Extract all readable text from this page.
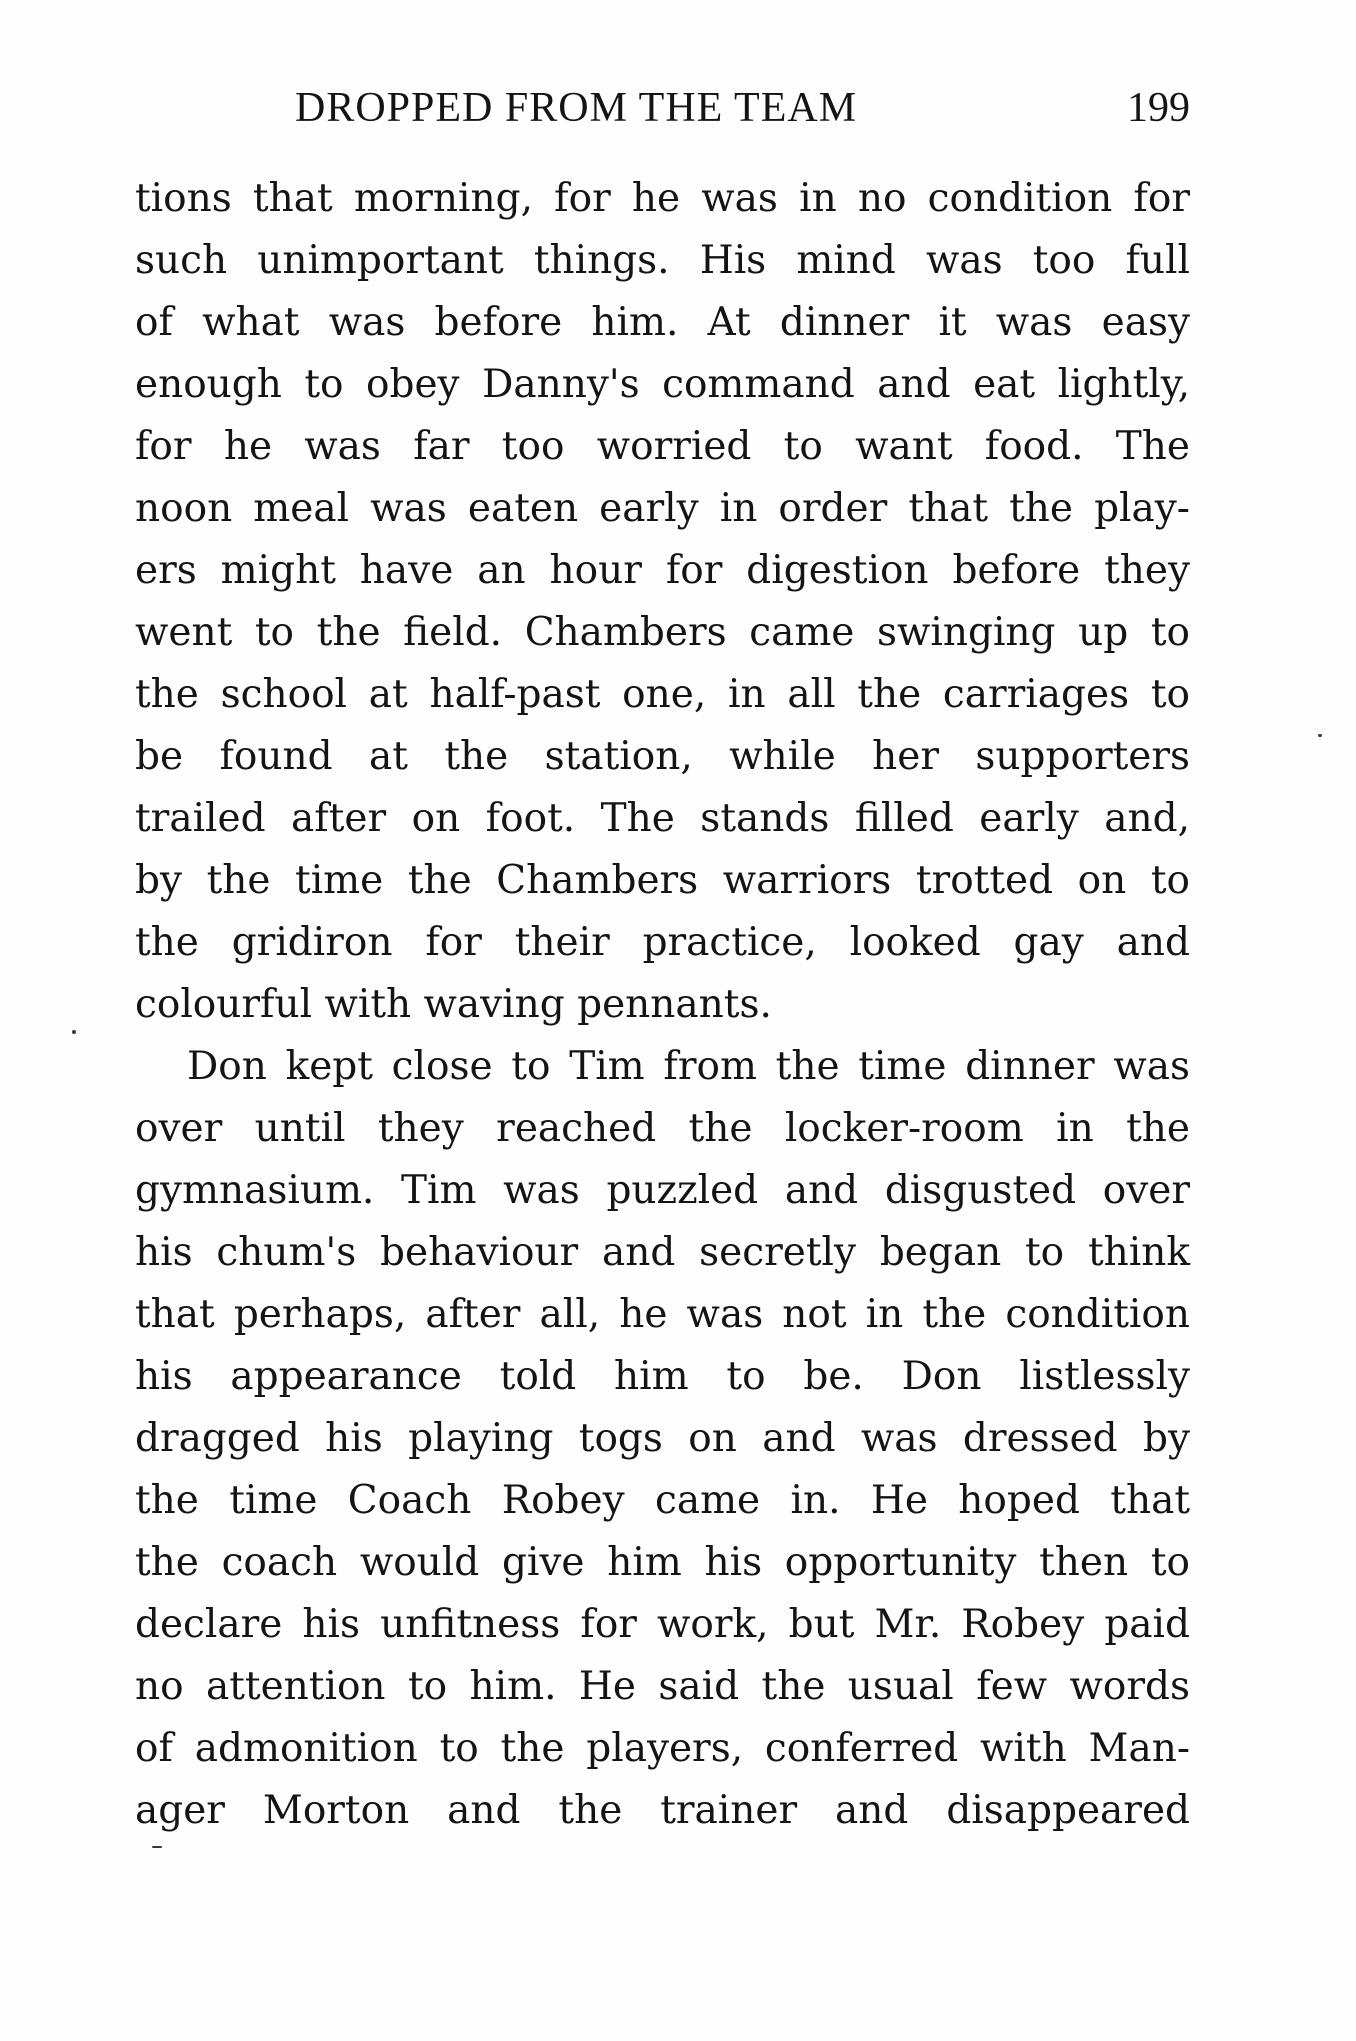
DROPPED FROM THE TEAM	199
tions that morning, for he was in no condition for
such unimportant things. His mind was too full
of what was before him. At dinner it was easy
enough to obey Danny's command and eat lightly,
for he was far too worried to want food. The
noon meal was eaten early in order that the play-
ers might have an hour for digestion before they
went to the field. Chambers came swinging up to
the school at half-past one, in all the carriages to
be found at the station, while her supporters
trailed after on foot. The stands filled early and,
by the time the Chambers warriors trotted on to
the gridiron for their practice, looked gay and
colourful with waving pennants.
Don kept close to Tim from the time dinner was
over until they reached the locker-room in the
gymnasium. Tim was puzzled and disgusted over
his chum's behaviour and secretly began to think
that perhaps, after all, he was not in the condition
his appearance told him to be. Don listlessly
dragged his playing togs on and was dressed by
the time Coach Robey came in. He hoped that
the coach would give him his opportunity then to
declare his unfitness for work, but Mr. Robey paid
no attention to him. He said the usual few words
of admonition to the players, conferred with Man-
ager Morton and the trainer and disappeared
